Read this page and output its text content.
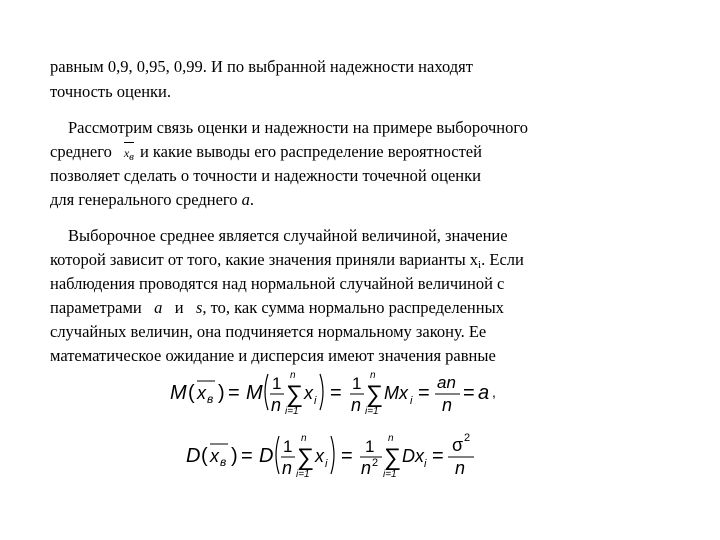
равным 0,9, 0,95, 0,99. И по выбранной надежности находят
точность оценки.
Рассмотрим связь оценки и надежности на примере выборочного
среднего xв и какие выводы его распределение вероятностей
позволяет сделать о точности и надежности точечной оценки
для генерального среднего a.
Выборочное среднее является случайной величиной, значение
которой зависит от того, какие значения приняли варианты $x_i$. Если
наблюдения проводятся над нормальной случайной величиной с
параметрами a и s, то, как сумма нормально распределенных
случайных величин, она подчиняется нормальному закону. Ее
математическое ожидание и дисперсия имеют значения равные
M ( x в ) = M 1
n
n
∑
i=1
x i = 1
n
n
∑
i=1
Mx i = an
n
= a ,
D ( x в ) = D 1
n
n
∑
i=1
x i = 1
n 2
n
∑
i=1
Dx i = σ 2
n
